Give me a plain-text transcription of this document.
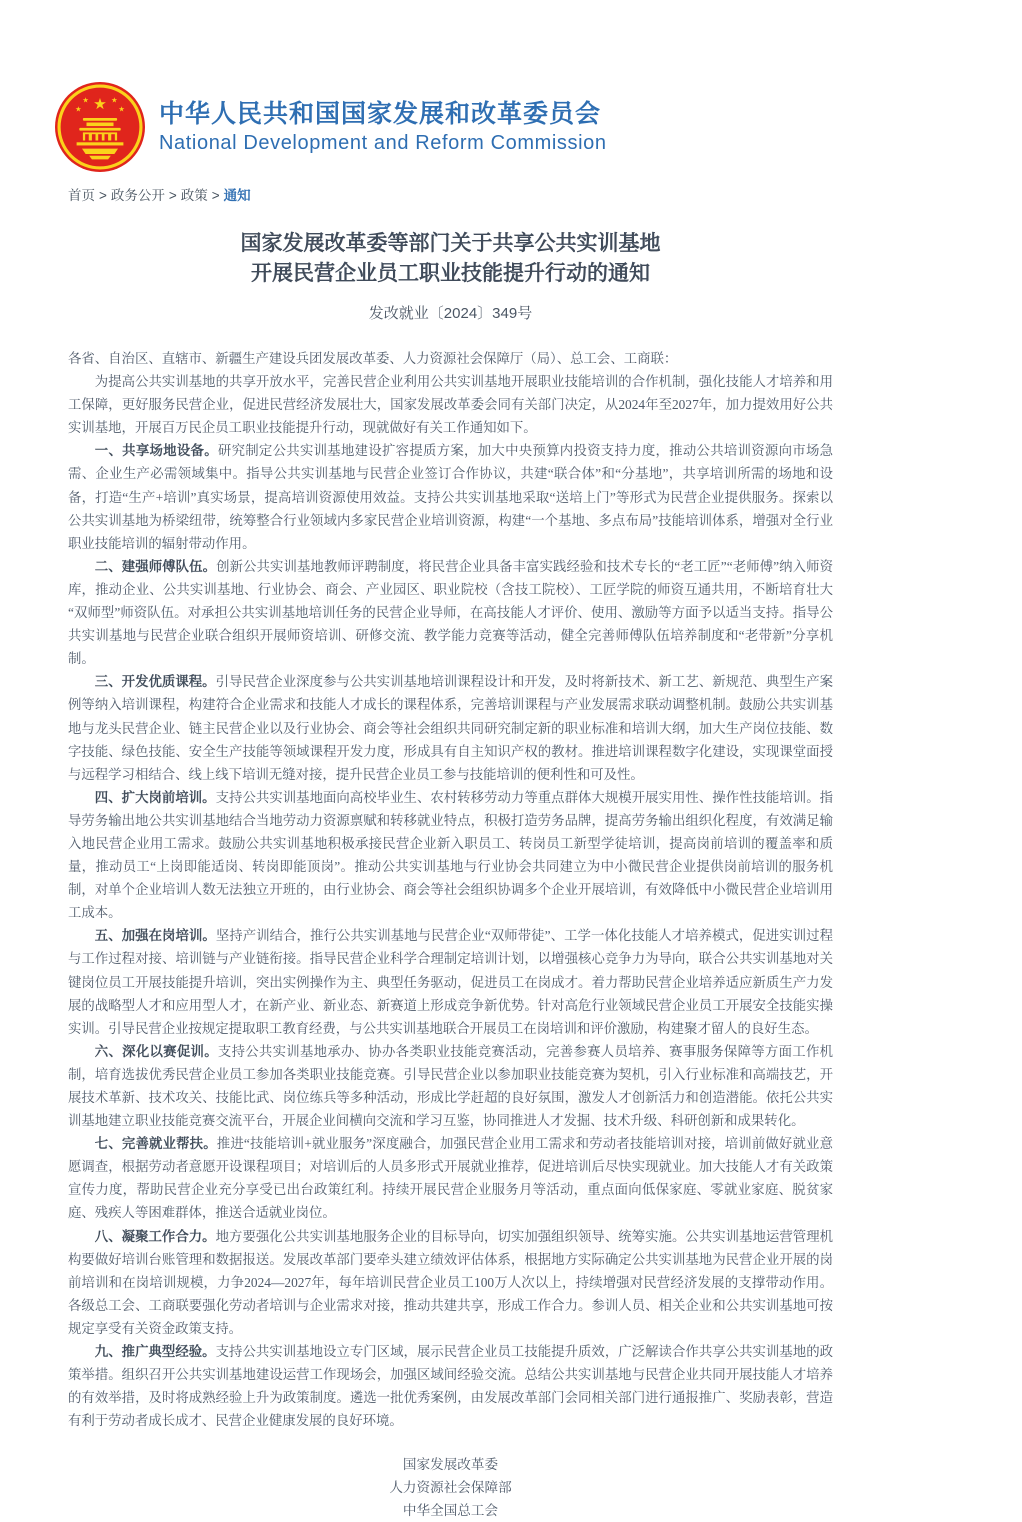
★
★	★
★	★ 中华人民共和国国家发展和改革委员会
National Development and Reform Commission
首页 > 政务公开 > 政策 > 通知
国家发展改革委等部门关于共享公共实训基地
开展民营企业员工职业技能提升行动的通知
发改就业〔2024〕349号

各省、自治区、直辖市、新疆生产建设兵团发展改革委、人力资源社会保障厅（局）、总工会、工商联：

为提高公共实训基地的共享开放水平，完善民营企业利用公共实训基地开展职业技能培训的合作机制，强化技能人才培养和用工保障，更好服务民营企业，促进民营经济发展壮大，国家发展改革委会同有关部门决定，从2024年至2027年，加力提效用好公共实训基地，开展百万民企员工职业技能提升行动，现就做好有关工作通知如下。

一、共享场地设备。研究制定公共实训基地建设扩容提质方案，加大中央预算内投资支持力度，推动公共培训资源向市场急需、企业生产必需领域集中。指导公共实训基地与民营企业签订合作协议，共建“联合体”和“分基地”，共享培训所需的场地和设备，打造“生产+培训”真实场景，提高培训资源使用效益。支持公共实训基地采取“送培上门”等形式为民营企业提供服务。探索以公共实训基地为桥梁纽带，统筹整合行业领域内多家民营企业培训资源，构建“一个基地、多点布局”技能培训体系，增强对全行业职业技能培训的辐射带动作用。

二、建强师傅队伍。创新公共实训基地教师评聘制度，将民营企业具备丰富实践经验和技术专长的“老工匠”“老师傅”纳入师资库，推动企业、公共实训基地、行业协会、商会、产业园区、职业院校（含技工院校）、工匠学院的师资互通共用，不断培育壮大“双师型”师资队伍。对承担公共实训基地培训任务的民营企业导师，在高技能人才评价、使用、激励等方面予以适当支持。指导公共实训基地与民营企业联合组织开展师资培训、研修交流、教学能力竞赛等活动，健全完善师傅队伍培养制度和“老带新”分享机制。

三、开发优质课程。引导民营企业深度参与公共实训基地培训课程设计和开发，及时将新技术、新工艺、新规范、典型生产案例等纳入培训课程，构建符合企业需求和技能人才成长的课程体系，完善培训课程与产业发展需求联动调整机制。鼓励公共实训基地与龙头民营企业、链主民营企业以及行业协会、商会等社会组织共同研究制定新的职业标准和培训大纲，加大生产岗位技能、数字技能、绿色技能、安全生产技能等领域课程开发力度，形成具有自主知识产权的教材。推进培训课程数字化建设，实现课堂面授与远程学习相结合、线上线下培训无缝对接，提升民营企业员工参与技能培训的便利性和可及性。

四、扩大岗前培训。支持公共实训基地面向高校毕业生、农村转移劳动力等重点群体大规模开展实用性、操作性技能培训。指导劳务输出地公共实训基地结合当地劳动力资源禀赋和转移就业特点，积极打造劳务品牌，提高劳务输出组织化程度，有效满足输入地民营企业用工需求。鼓励公共实训基地积极承接民营企业新入职员工、转岗员工新型学徒培训，提高岗前培训的覆盖率和质量，推动员工“上岗即能适岗、转岗即能顶岗”。推动公共实训基地与行业协会共同建立为中小微民营企业提供岗前培训的服务机制，对单个企业培训人数无法独立开班的，由行业协会、商会等社会组织协调多个企业开展培训，有效降低中小微民营企业培训用工成本。

五、加强在岗培训。坚持产训结合，推行公共实训基地与民营企业“双师带徒”、工学一体化技能人才培养模式，促进实训过程与工作过程对接、培训链与产业链衔接。指导民营企业科学合理制定培训计划，以增强核心竞争力为导向，联合公共实训基地对关键岗位员工开展技能提升培训，突出实例操作为主、典型任务驱动，促进员工在岗成才。着力帮助民营企业培养适应新质生产力发展的战略型人才和应用型人才，在新产业、新业态、新赛道上形成竞争新优势。针对高危行业领域民营企业员工开展安全技能实操实训。引导民营企业按规定提取职工教育经费，与公共实训基地联合开展员工在岗培训和评价激励，构建聚才留人的良好生态。

六、深化以赛促训。支持公共实训基地承办、协办各类职业技能竞赛活动，完善参赛人员培养、赛事服务保障等方面工作机制，培育选拔优秀民营企业员工参加各类职业技能竞赛。引导民营企业以参加职业技能竞赛为契机，引入行业标准和高端技艺，开展技术革新、技术攻关、技能比武、岗位练兵等多种活动，形成比学赶超的良好氛围，激发人才创新活力和创造潜能。依托公共实训基地建立职业技能竞赛交流平台，开展企业间横向交流和学习互鉴，协同推进人才发掘、技术升级、科研创新和成果转化。

七、完善就业帮扶。推进“技能培训+就业服务”深度融合，加强民营企业用工需求和劳动者技能培训对接，培训前做好就业意愿调查，根据劳动者意愿开设课程项目；对培训后的人员多形式开展就业推荐，促进培训后尽快实现就业。加大技能人才有关政策宣传力度，帮助民营企业充分享受已出台政策红利。持续开展民营企业服务月等活动，重点面向低保家庭、零就业家庭、脱贫家庭、残疾人等困难群体，推送合适就业岗位。

八、凝聚工作合力。地方要强化公共实训基地服务企业的目标导向，切实加强组织领导、统筹实施。公共实训基地运营管理机构要做好培训台账管理和数据报送。发展改革部门要牵头建立绩效评估体系，根据地方实际确定公共实训基地为民营企业开展的岗前培训和在岗培训规模，力争2024—2027年，每年培训民营企业员工100万人次以上，持续增强对民营经济发展的支撑带动作用。各级总工会、工商联要强化劳动者培训与企业需求对接，推动共建共享，形成工作合力。参训人员、相关企业和公共实训基地可按规定享受有关资金政策支持。

九、推广典型经验。支持公共实训基地设立专门区域，展示民营企业员工技能提升质效，广泛解读合作共享公共实训基地的政策举措。组织召开公共实训基地建设运营工作现场会，加强区域间经验交流。总结公共实训基地与民营企业共同开展技能人才培养的有效举措，及时将成熟经验上升为政策制度。遴选一批优秀案例，由发展改革部门会同相关部门进行通报推广、奖励表彰，营造有利于劳动者成长成才、民营企业健康发展的良好环境。

国家发展改革委
人力资源社会保障部
中华全国总工会
